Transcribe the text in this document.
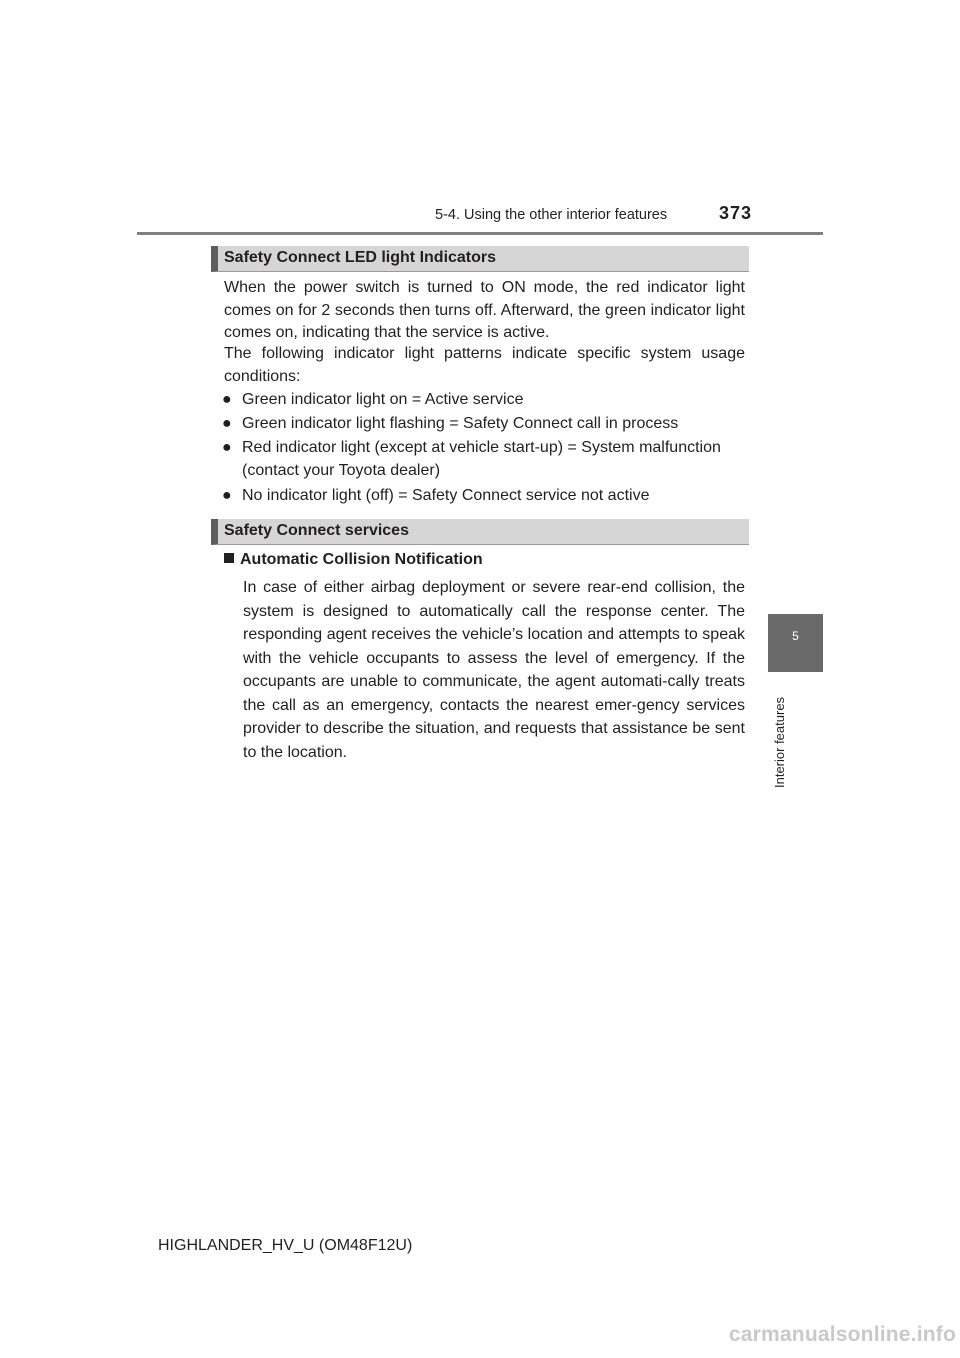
5-4. Using the other interior features	373
Safety Connect LED light Indicators

When the power switch is turned to ON mode, the red indicator light comes on for 2 seconds then turns off. Afterward, the green indicator light comes on, indicating that the service is active.

The following indicator light patterns indicate specific system usage conditions:

● Green indicator light on = Active service
● Green indicator light flashing = Safety Connect call in process
● Red indicator light (except at vehicle start-up) = System malfunction (contact your Toyota dealer)
● No indicator light (off) = Safety Connect service not active
Safety Connect services
Automatic Collision Notification

In case of either airbag deployment or severe rear-end collision, the system is designed to automatically call the response center. The responding agent receives the vehicle’s location and attempts to speak with the vehicle occupants to assess the level of emergency. If the occupants are unable to communicate, the agent automati-cally treats the call as an emergency, contacts the nearest emer-gency services provider to describe the situation, and requests that assistance be sent to the location.

5
Interior features
HIGHLANDER_HV_U (OM48F12U)
carmanualsonline.info
